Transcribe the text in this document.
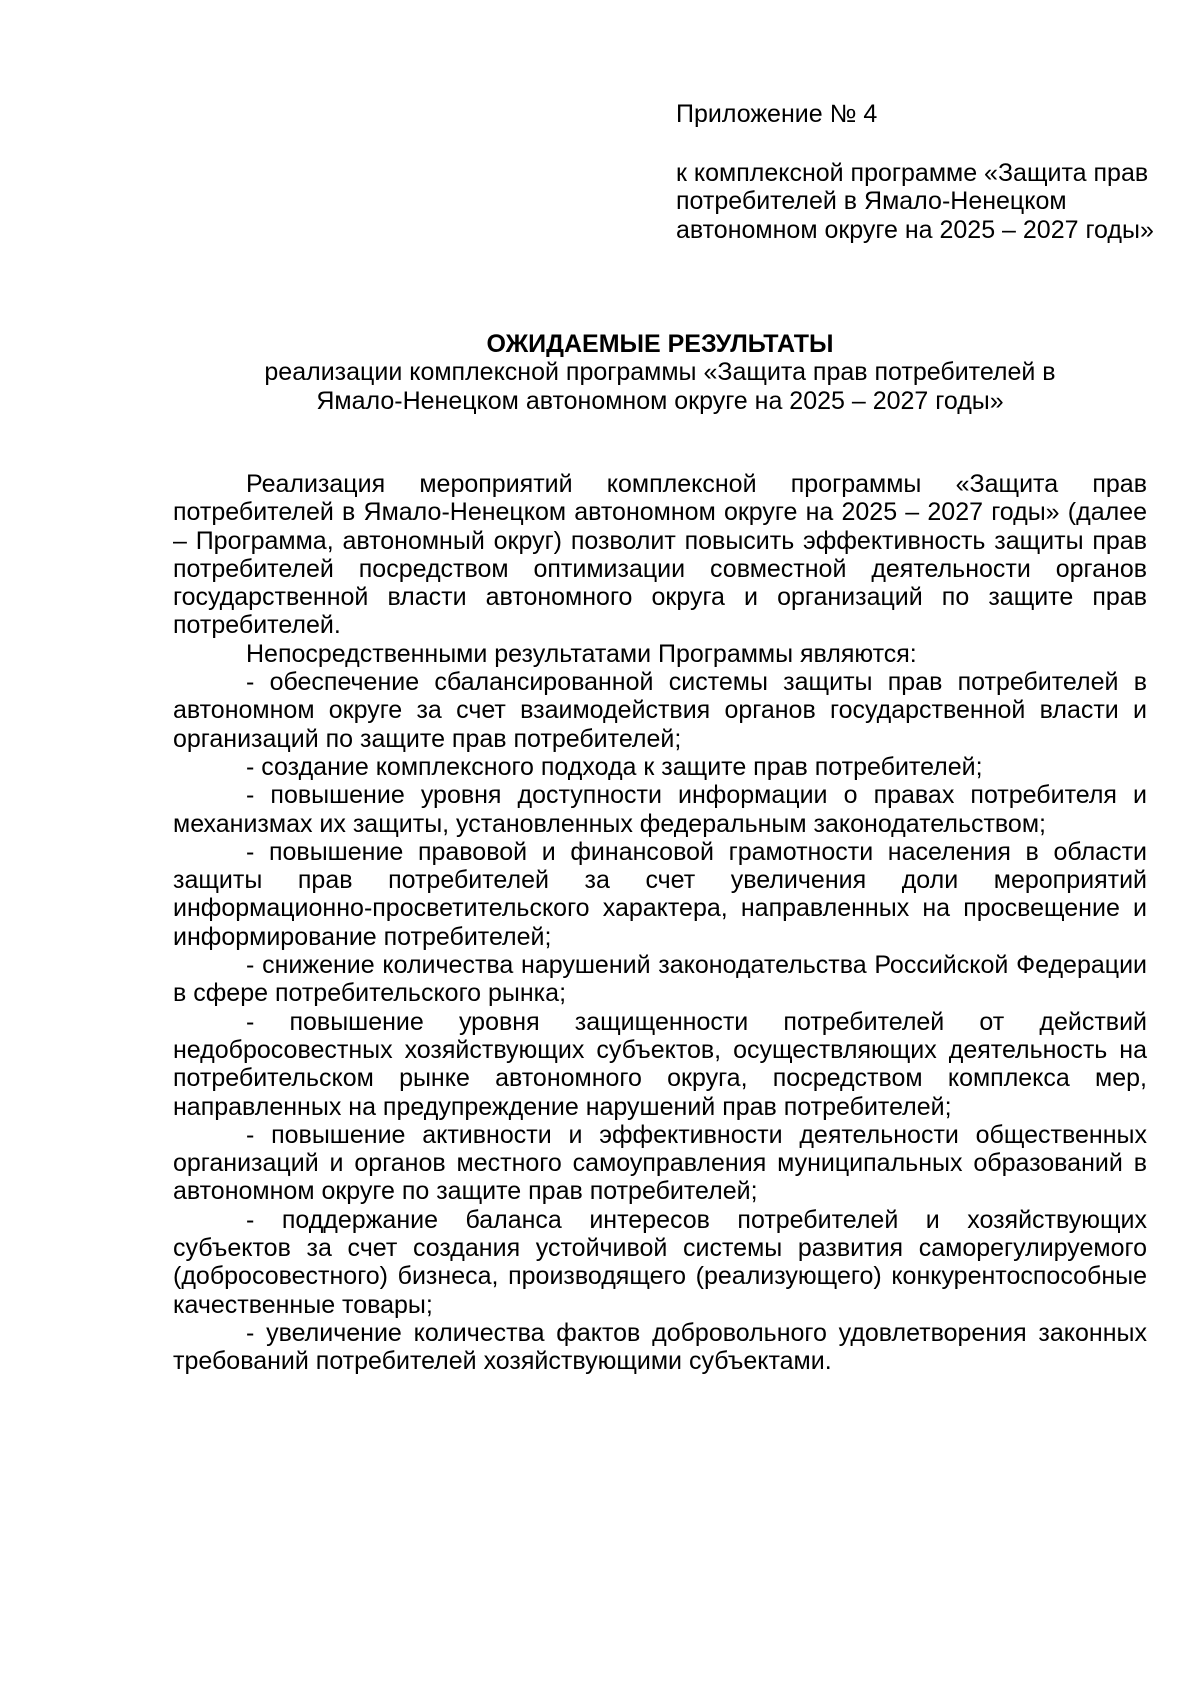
Приложение № 4
к комплексной программе «Защита прав потребителей в Ямало-Ненецком автономном округе на 2025 – 2027 годы»
ОЖИДАЕМЫЕ РЕЗУЛЬТАТЫ
реализации комплексной программы «Защита прав потребителей в
Ямало-Ненецком автономном округе на 2025 – 2027 годы»

Реализация мероприятий комплексной программы «Защита прав потребителей в Ямало-Ненецком автономном округе на 2025 – 2027 годы» (далее – Программа, автономный округ) позволит повысить эффективность защиты прав потребителей посредством оптимизации совместной деятельности органов государственной власти автономного округа и организаций по защите прав потребителей.

Непосредственными результатами Программы являются:

- обеспечение сбалансированной системы защиты прав потребителей в автономном округе за счет взаимодействия органов государственной власти и организаций по защите прав потребителей;

- создание комплексного подхода к защите прав потребителей;

- повышение уровня доступности информации о правах потребителя и механизмах их защиты, установленных федеральным законодательством;

- повышение правовой и финансовой грамотности населения в области защиты прав потребителей за счет увеличения доли мероприятий информационно-просветительского характера, направленных на просвещение и информирование потребителей;

- снижение количества нарушений законодательства Российской Федерации в сфере потребительского рынка;

- повышение уровня защищенности потребителей от действий недобросовестных хозяйствующих субъектов, осуществляющих деятельность на потребительском рынке автономного округа, посредством комплекса мер, направленных на предупреждение нарушений прав потребителей;

- повышение активности и эффективности деятельности общественных организаций и органов местного самоуправления муниципальных образований в автономном округе по защите прав потребителей;

- поддержание баланса интересов потребителей и хозяйствующих субъектов за счет создания устойчивой системы развития саморегулируемого (добросовестного) бизнеса, производящего (реализующего) конкурентоспособные качественные товары;

- увеличение количества фактов добровольного удовлетворения законных требований потребителей хозяйствующими субъектами.
